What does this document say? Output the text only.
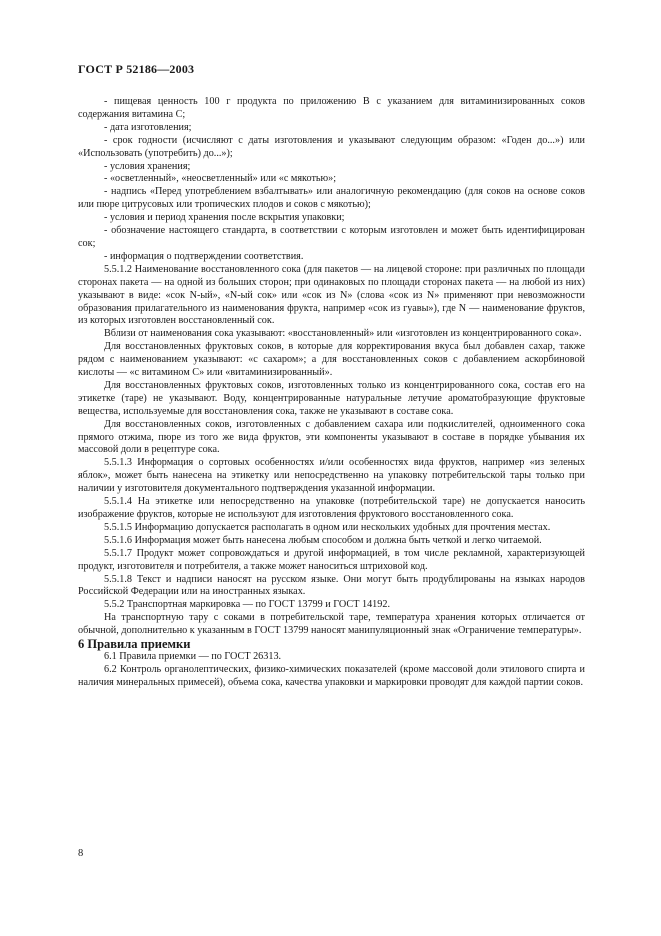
ГОСТ Р 52186—2003

- пищевая ценность 100 г продукта по приложению В с указанием для витаминизированных соков содержания витамина С;

- дата изготовления;

- срок годности (исчисляют с даты изготовления и указывают следующим образом: «Годен до...») или «Использовать (употребить) до...»);

- условия хранения;

- «осветленный», «неосветленный» или «с мякотью»;

- надпись «Перед употреблением взбалтывать» или аналогичную рекомендацию (для соков на основе соков или пюре цитрусовых или тропических плодов и соков с мякотью);

- условия и период хранения после вскрытия упаковки;

- обозначение настоящего стандарта, в соответствии с которым изготовлен и может быть идентифицирован сок;

- информация о подтверждении соответствия.

5.5.1.2 Наименование восстановленного сока (для пакетов — на лицевой стороне: при различных по площади сторонах пакета — на одной из больших сторон; при одинаковых по площади сторонах пакета — на любой из них) указывают в виде: «сок N-ый», «N-ый сок» или «сок из N» (слова «сок из N» применяют при невозможности образования прилагательного из наименования фрукта, например «сок из гуавы»), где N — наименование фруктов, из которых изготовлен восстановленный сок.

Вблизи от наименования сока указывают: «восстановленный» или «изготовлен из концентрированного сока».

Для восстановленных фруктовых соков, в которые для корректирования вкуса был добавлен сахар, также рядом с наименованием указывают: «с сахаром»; а для восстановленных соков с добавлением аскорбиновой кислоты — «с витамином С» или «витаминизированный».

Для восстановленных фруктовых соков, изготовленных только из концентрированного сока, состав его на этикетке (таре) не указывают. Воду, концентрированные натуральные летучие ароматобразующие фруктовые вещества, используемые для восстановления сока, также не указывают в составе сока.

Для восстановленных соков, изготовленных с добавлением сахара или подкислителей, одноименного сока прямого отжима, пюре из того же вида фруктов, эти компоненты указывают в составе в порядке убывания их массовой доли в рецептуре сока.

5.5.1.3 Информация о сортовых особенностях и/или особенностях вида фруктов, например «из зеленых яблок», может быть нанесена на этикетку или непосредственно на упаковку потребительской тары только при наличии у изготовителя документального подтверждения указанной информации.

5.5.1.4 На этикетке или непосредственно на упаковке (потребительской таре) не допускается наносить изображение фруктов, которые не используют для изготовления фруктового восстановленного сока.

5.5.1.5 Информацию допускается располагать в одном или нескольких удобных для прочтения местах.

5.5.1.6 Информация может быть нанесена любым способом и должна быть четкой и легко читаемой.

5.5.1.7 Продукт может сопровождаться и другой информацией, в том числе рекламной, характеризующей продукт, изготовителя и потребителя, а также может наноситься штриховой код.

5.5.1.8 Текст и надписи наносят на русском языке. Они могут быть продублированы на языках народов Российской Федерации или на иностранных языках.

5.5.2 Транспортная маркировка — по ГОСТ 13799 и ГОСТ 14192.

На транспортную тару с соками в потребительской таре, температура хранения которых отличается от обычной, дополнительно к указанным в ГОСТ 13799 наносят манипуляционный знак «Ограничение температуры».

6 Правила приемки

6.1 Правила приемки — по ГОСТ 26313.

6.2 Контроль органолептических, физико-химических показателей (кроме массовой доли этилового спирта и наличия минеральных примесей), объема сока, качества упаковки и маркировки проводят для каждой партии соков.

8
